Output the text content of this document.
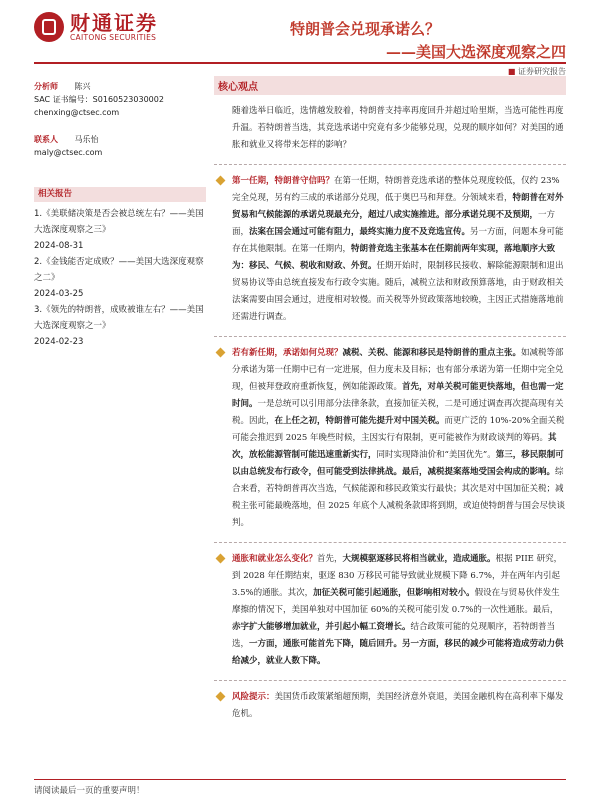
财通证券
CAITONG SECURITIES	特朗普会兑现承诺么？
——美国大选深度观察之四
■ 证券研究报告
分析师 陈兴
SAC 证书编号：S0160523030002
chenxing@ctsec.com
联系人 马乐怡
maly@ctsec.com
相关报告
1.《美联储决策是否会被总统左右？——美国大选深度观察之三》
2024-08-31
2.《金钱能否定成败？——美国大选深度观察之二》
2024-03-25
3.《领先的特朗普，成败被谁左右？——美国大选深度观察之一》
2024-02-23
核心观点
随着选举日临近，选情越发胶着，特朗普支持率再度回升并超过哈里斯，当选可能性再度升温。若特朗普当选，其竞选承诺中究竟有多少能够兑现，兑现的顺序如何？对美国的通胀和就业又将带来怎样的影响？
第一任期，特朗普守信吗？在第一任期，特朗普竞选承诺的整体兑现度较低，仅约 23%完全兑现，另有约三成的承诺部分兑现，低于奥巴马和拜登。分领域来看，特朗普在对外贸易和气候能源的承诺兑现最充分，超过八成实施推进。部分承诺兑现不及预期，一方面，法案在国会通过可能有阻力，最终实施力度不及竞选宣传。另一方面，问题本身可能存在其他限制。在第一任期内，特朗普竞选主张基本在任期前两年实现，落地顺序大致为：移民、气候、税收和财政、外贸。任期开始时，限制移民接收、解除能源限制和退出贸易协议等由总统直接发布行政令实施。随后，减税立法和财政预算落地，由于财政相关法案需要由国会通过，进度相对较慢。而关税等外贸政策落地较晚，主因正式措施落地前还需进行调查。
若有新任期，承诺如何兑现？减税、关税、能源和移民是特朗普的重点主张。如减税等部分承诺为第一任期中已有一定进展，但力度未及目标；也有部分承诺为第一任期中完全兑现，但被拜登政府重新恢复，例如能源政策。首先，对单关税可能更快落地，但也需一定时间。一是总统可以引用部分法律条款，直接加征关税，二是可通过调查再次提高现有关税。因此，在上任之初，特朗普可能先提升对中国关税。而更广泛的 10%-20%全面关税可能会推迟到 2025 年晚些时候，主因实行有限制，更可能被作为财政谈判的筹码。其次，放松能源管制可能迅速重新实行，同时实现降油价和“美国优先”。第三，移民限制可以由总统发布行政令，但可能受到法律挑战。最后，减税提案落地受国会构成的影响。综合来看，若特朗普再次当选，气候能源和移民政策实行最快；其次是对中国加征关税；减税主张可能最晚落地，但 2025 年底个人减税条款即将到期，或迫使特朗普与国会尽快谈判。
通胀和就业怎么变化？首先，大规模驱逐移民将相当就业，造成通胀。根据 PIIE 研究，到 2028 年任期结束，驱逐 830 万移民可能导致就业规模下降 6.7%，并在两年内引起 3.5%的通胀。其次，加征关税可能引起通胀，但影响相对较小。假设在与贸易伙伴发生摩擦的情况下，美国单独对中国加征 60%的关税可能引发 0.7%的一次性通胀。最后，赤字扩大能够增加就业，并引起小幅工资增长。结合政策可能的兑现顺序，若特朗普当选，一方面，通胀可能首先下降，随后回升。另一方面，移民的减少可能将造成劳动力供给减少，就业人数下降。
风险提示：美国货币政策紧缩超预期，美国经济意外衰退，美国金融机构在高利率下爆发危机。
请阅读最后一页的重要声明！
